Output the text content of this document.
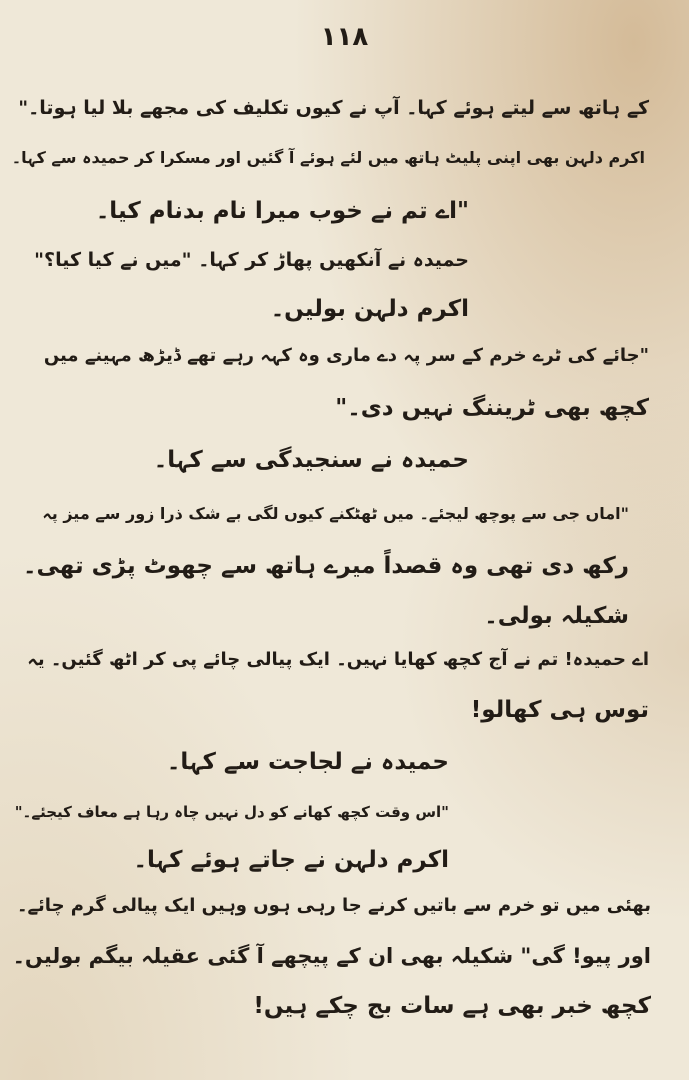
۱۱۸
کے ہاتھ سے لیتے ہوئے کہا۔ آپ نے کیوں تکلیف کی مجھے بلا لیا ہوتا۔"
اکرم دلہن بھی اپنی پلیٹ ہاتھ میں لئے ہوئے آ گئیں اور مسکرا کر حمیدہ سے کہا۔
"اے تم نے خوب میرا نام بدنام کیا۔
حمیدہ نے آنکھیں پھاڑ کر کہا۔ "میں نے کیا کیا؟"
اکرم دلہن بولیں۔
"جائے کی ٹرے خرم کے سر پہ دے ماری وہ کہہ رہے تھے ڈیڑھ مہینے میں
کچھ بھی ٹریننگ نہیں دی۔"
حمیدہ نے سنجیدگی سے کہا۔
"اماں جی سے پوچھ لیجئے۔ میں ٹھٹکنے کیوں لگی بے شک ذرا زور سے میز پہ
رکھ دی تھی وہ قصداً میرے ہاتھ سے چھوٹ پڑی تھی۔
شکیلہ بولی۔
اے حمیدہ! تم نے آج کچھ کھایا نہیں۔ ایک پیالی چائے پی کر اٹھ گئیں۔ یہ
توس ہی کھالو!
حمیدہ نے لجاجت سے کہا۔
"اس وقت کچھ کھانے کو دل نہیں چاہ رہا ہے معاف کیجئے۔"
اکرم دلہن نے جاتے ہوئے کہا۔
بھئی میں تو خرم سے باتیں کرنے جا رہی ہوں وہیں ایک پیالی گرم چائے۔
اور پیو! گی" شکیلہ بھی ان کے پیچھے آ گئی عقیلہ بیگم بولیں۔
کچھ خبر بھی ہے سات بج چکے ہیں!
